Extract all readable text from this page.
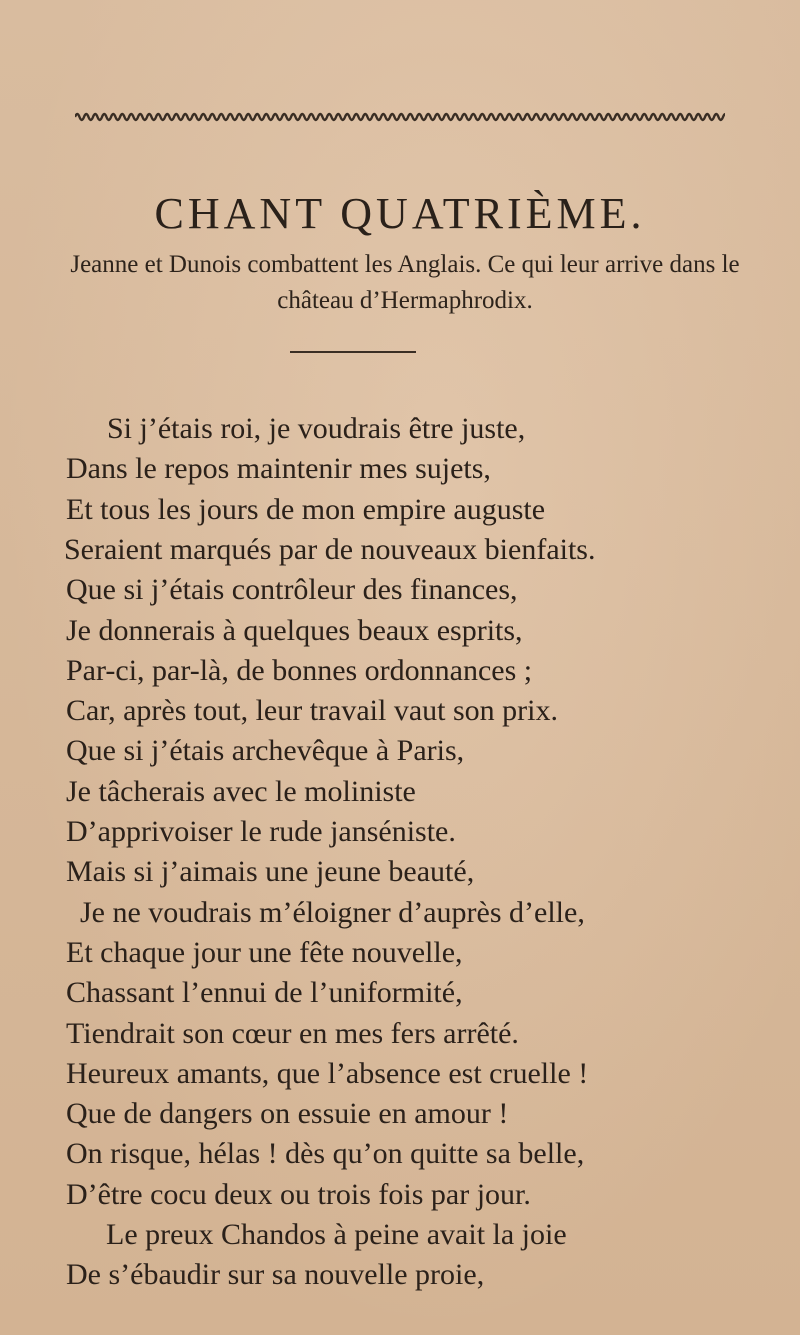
CHANT QUATRIÈME.

Jeanne et Dunois combattent les Anglais. Ce qui leur arrive dans le château d’Hermaphrodix.

Si j’étais roi, je voudrais être juste,
Dans le repos maintenir mes sujets,
Et tous les jours de mon empire auguste
Seraient marqués par de nouveaux bienfaits.
Que si j’étais contrôleur des finances,
Je donnerais à quelques beaux esprits,
Par-ci, par-là, de bonnes ordonnances ;
Car, après tout, leur travail vaut son prix.
Que si j’étais archevêque à Paris,
Je tâcherais avec le moliniste
D’apprivoiser le rude janséniste.
Mais si j’aimais une jeune beauté,
Je ne voudrais m’éloigner d’auprès d’elle,
Et chaque jour une fête nouvelle,
Chassant l’ennui de l’uniformité,
Tiendrait son cœur en mes fers arrêté.
Heureux amants, que l’absence est cruelle !
Que de dangers on essuie en amour !
On risque, hélas ! dès qu’on quitte sa belle,
D’être cocu deux ou trois fois par jour.
Le preux Chandos à peine avait la joie
De s’ébaudir sur sa nouvelle proie,
